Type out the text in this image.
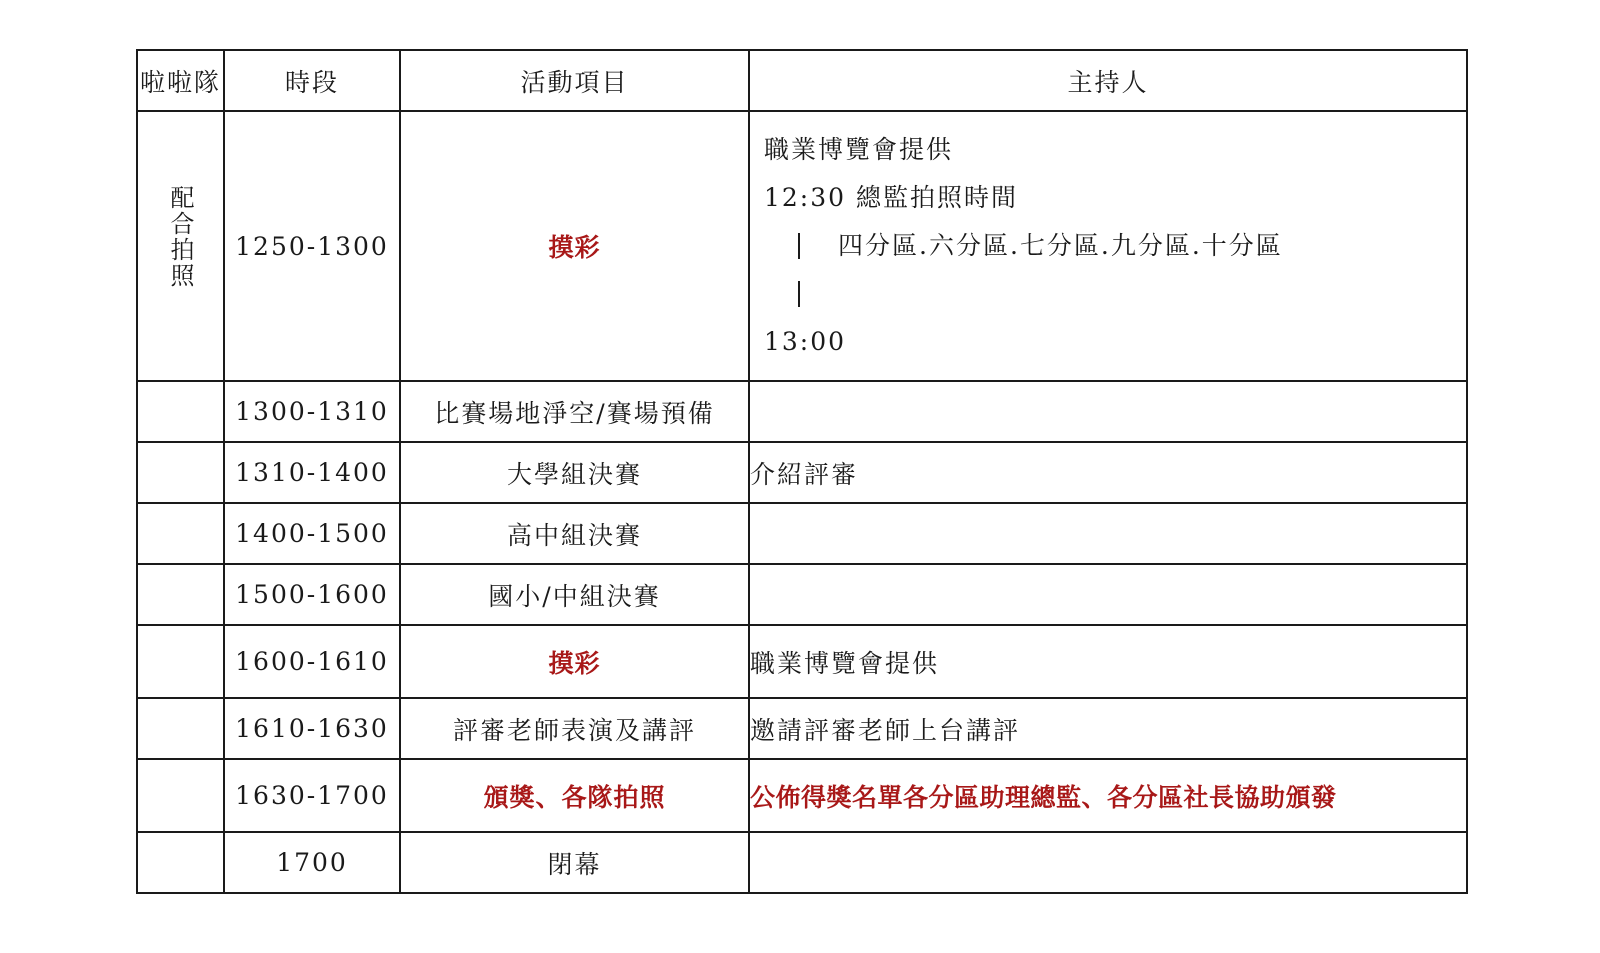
啦啦隊	時段	活動項目	主持人
配合拍照	1250-1300	摸彩	職業博覽會提供
12:30 總監拍照時間
四分區.六分區.七分區.九分區.十分區
13:00

	1300-1310	比賽場地淨空/賽場預備	
	1310-1400	大學組決賽	介紹評審
	1400-1500	高中組決賽	
	1500-1600	國小/中組決賽	
	1600-1610	摸彩	職業博覽會提供
	1610-1630	評審老師表演及講評	邀請評審老師上台講評
	1630-1700	頒獎、各隊拍照	公佈得獎名單各分區助理總監、各分區社長協助頒發
	1700	閉幕	
